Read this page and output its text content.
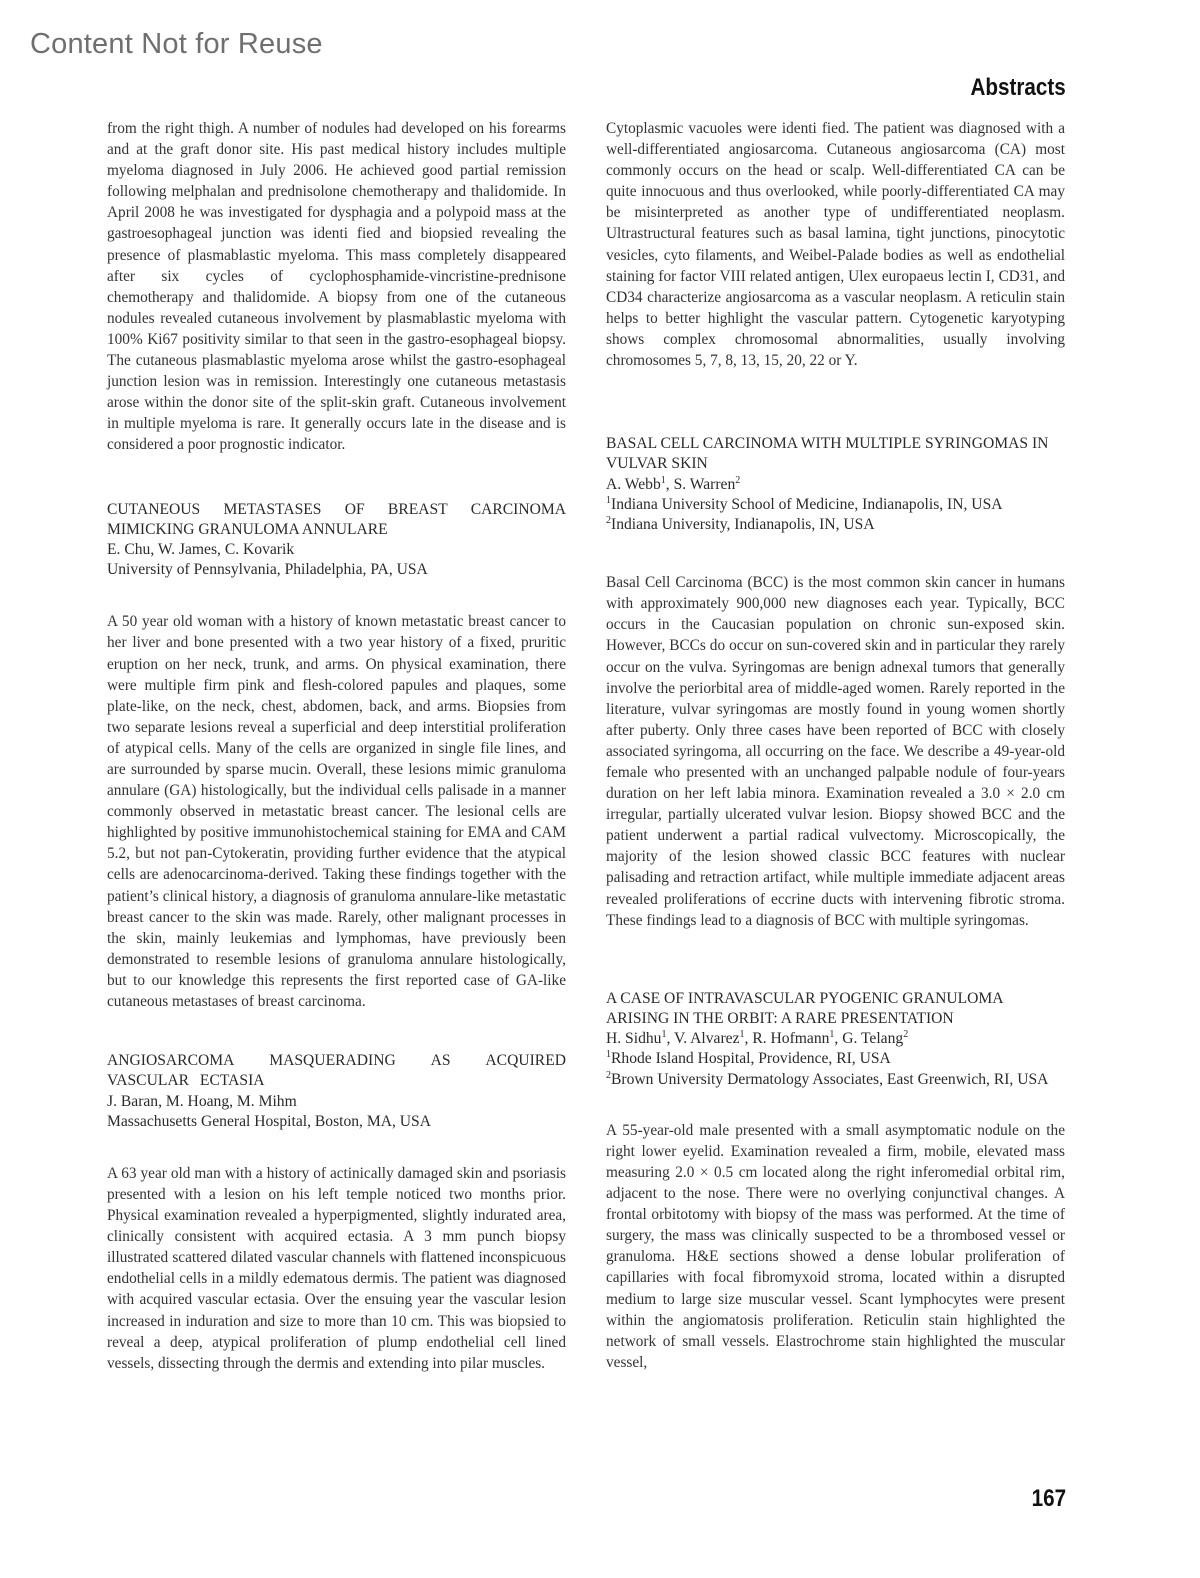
Content Not for Reuse
Abstracts

from the right thigh. A number of nodules had developed on his forearms and at the graft donor site. His past medical history includes multiple myeloma diagnosed in July 2006. He achieved good partial remission following melphalan and prednisolone chemotherapy and thalidomide. In April 2008 he was investigated for dysphagia and a polypoid mass at the gastroesophageal junction was identi fied and biopsied revealing the presence of plasmablastic myeloma. This mass completely disappeared after six cycles of cyclophosphamide-vincristine-prednisone chemotherapy and thalidomide. A biopsy from one of the cutaneous nodules revealed cutaneous involvement by plasmablastic myeloma with 100% Ki67 positivity similar to that seen in the gastro-esophageal biopsy. The cutaneous plasmablastic myeloma arose whilst the gastro-esophageal junction lesion was in remission. Interestingly one cutaneous metastasis arose within the donor site of the split-skin graft. Cutaneous involvement in multiple myeloma is rare. It generally occurs late in the disease and is considered a poor prognostic indicator.

CUTANEOUS METASTASES OF BREAST CARCINOMA MIMICKING GRANULOMA ANNULARE
E. Chu, W. James, C. Kovarik
University of Pennsylvania, Philadelphia, PA, USA

A 50 year old woman with a history of known metastatic breast cancer to her liver and bone presented with a two year history of a fixed, pruritic eruption on her neck, trunk, and arms. On physical examination, there were multiple firm pink and flesh-colored papules and plaques, some plate-like, on the neck, chest, abdomen, back, and arms. Biopsies from two separate lesions reveal a superficial and deep interstitial proliferation of atypical cells. Many of the cells are organized in single file lines, and are surrounded by sparse mucin. Overall, these lesions mimic granuloma annulare (GA) histologically, but the individual cells palisade in a manner commonly observed in metastatic breast cancer. The lesional cells are highlighted by positive immunohistochemical staining for EMA and CAM 5.2, but not pan-Cytokeratin, providing further evidence that the atypical cells are adenocarcinoma-derived. Taking these findings together with the patient’s clinical history, a diagnosis of granuloma annulare-like metastatic breast cancer to the skin was made. Rarely, other malignant processes in the skin, mainly leukemias and lymphomas, have previously been demonstrated to resemble lesions of granuloma annulare histologically, but to our knowledge this represents the first reported case of GA-like cutaneous metastases of breast carcinoma.

ANGIOSARCOMA MASQUERADING AS ACQUIRED VASCULAR ECTASIA
J. Baran, M. Hoang, M. Mihm
Massachusetts General Hospital, Boston, MA, USA

A 63 year old man with a history of actinically damaged skin and psoriasis presented with a lesion on his left temple noticed two months prior. Physical examination revealed a hyperpigmented, slightly indurated area, clinically consistent with acquired ectasia. A 3 mm punch biopsy illustrated scattered dilated vascular channels with flattened inconspicuous endothelial cells in a mildly edematous dermis. The patient was diagnosed with acquired vascular ectasia. Over the ensuing year the vascular lesion increased in induration and size to more than 10 cm. This was biopsied to reveal a deep, atypical proliferation of plump endothelial cell lined vessels, dissecting through the dermis and extending into pilar muscles.

Cytoplasmic vacuoles were identi fied. The patient was diagnosed with a well-differentiated angiosarcoma. Cutaneous angiosarcoma (CA) most commonly occurs on the head or scalp. Well-differentiated CA can be quite innocuous and thus overlooked, while poorly-differentiated CA may be misinterpreted as another type of undifferentiated neoplasm. Ultrastructural features such as basal lamina, tight junctions, pinocytotic vesicles, cyto filaments, and Weibel-Palade bodies as well as endothelial staining for factor VIII related antigen, Ulex europaeus lectin I, CD31, and CD34 characterize angiosarcoma as a vascular neoplasm. A reticulin stain helps to better highlight the vascular pattern. Cytogenetic karyotyping shows complex chromosomal abnormalities, usually involving chromosomes 5, 7, 8, 13, 15, 20, 22 or Y.

BASAL CELL CARCINOMA WITH MULTIPLE SYRINGOMAS IN VULVAR SKIN
A. Webb$^1$, S. Warren$^2$
$^1$Indiana University School of Medicine, Indianapolis, IN, USA
$^2$Indiana University, Indianapolis, IN, USA

Basal Cell Carcinoma (BCC) is the most common skin cancer in humans with approximately 900,000 new diagnoses each year. Typically, BCC occurs in the Caucasian population on chronic sun-exposed skin. However, BCCs do occur on sun-covered skin and in particular they rarely occur on the vulva. Syringomas are benign adnexal tumors that generally involve the periorbital area of middle-aged women. Rarely reported in the literature, vulvar syringomas are mostly found in young women shortly after puberty. Only three cases have been reported of BCC with closely associated syringoma, all occurring on the face. We describe a 49-year-old female who presented with an unchanged palpable nodule of four-years duration on her left labia minora. Examination revealed a 3.0 × 2.0 cm irregular, partially ulcerated vulvar lesion. Biopsy showed BCC and the patient underwent a partial radical vulvectomy. Microscopically, the majority of the lesion showed classic BCC features with nuclear palisading and retraction artifact, while multiple immediate adjacent areas revealed proliferations of eccrine ducts with intervening fibrotic stroma. These findings lead to a diagnosis of BCC with multiple syringomas.

A CASE OF INTRAVASCULAR PYOGENIC GRANULOMA ARISING IN THE ORBIT: A RARE PRESENTATION
H. Sidhu$^1$, V. Alvarez$^1$, R. Hofmann$^1$, G. Telang$^2$
$^1$Rhode Island Hospital, Providence, RI, USA
$^2$Brown University Dermatology Associates, East Greenwich, RI, USA

A 55-year-old male presented with a small asymptomatic nodule on the right lower eyelid. Examination revealed a firm, mobile, elevated mass measuring 2.0 × 0.5 cm located along the right inferomedial orbital rim, adjacent to the nose. There were no overlying conjunctival changes. A frontal orbitotomy with biopsy of the mass was performed. At the time of surgery, the mass was clinically suspected to be a thrombosed vessel or granuloma. H&E sections showed a dense lobular proliferation of capillaries with focal fibromyxoid stroma, located within a disrupted medium to large size muscular vessel. Scant lymphocytes were present within the angiomatosis proliferation. Reticulin stain highlighted the network of small vessels. Elastrochrome stain highlighted the muscular vessel,

167
